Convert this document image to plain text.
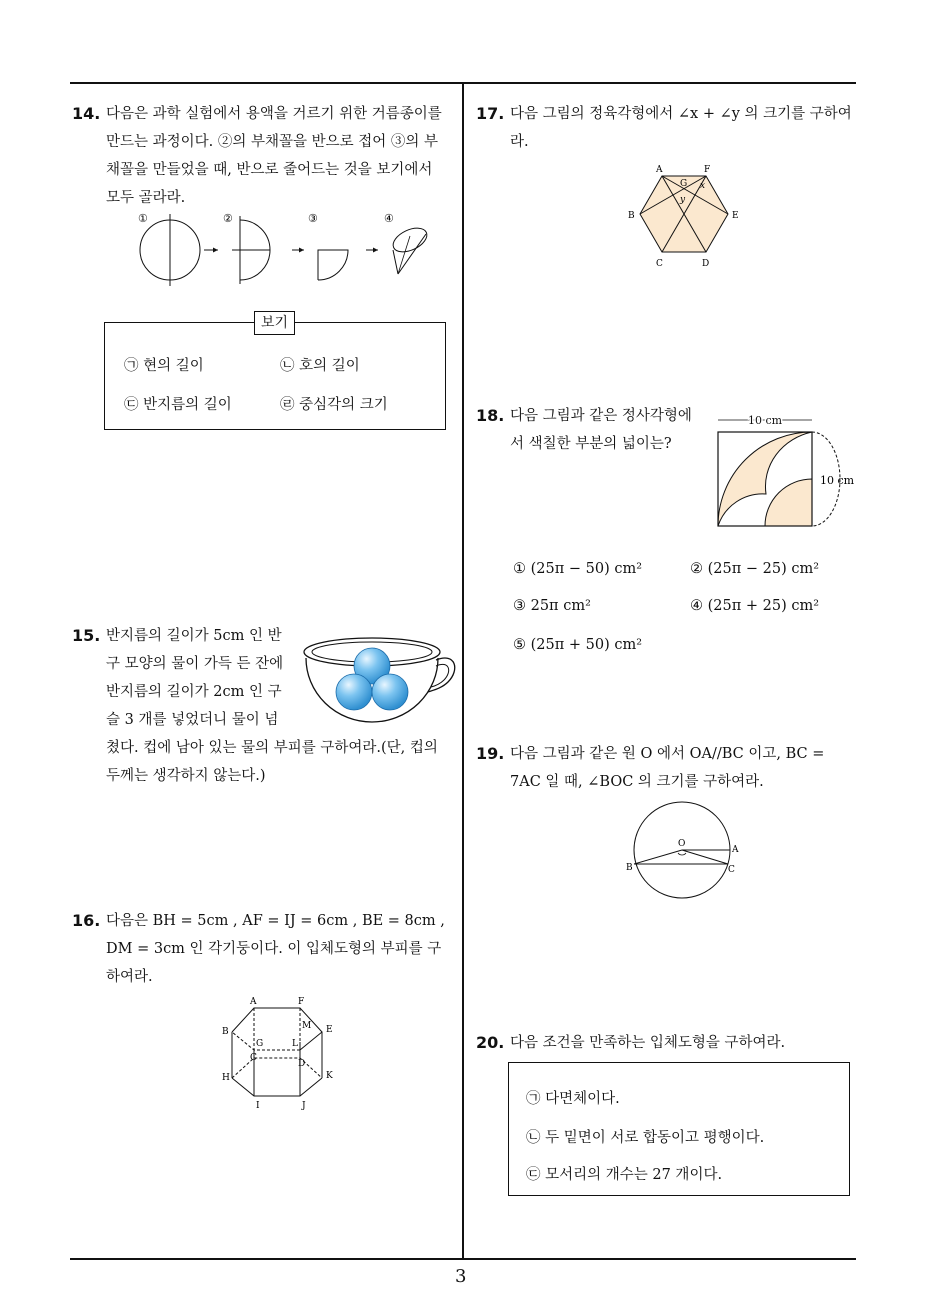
14. 다음은 과학 실험에서 용액을 거르기 위한 거름종이를
만드는 과정이다. ②의 부채꼴을 반으로 접어 ③의 부
채꼴을 만들었을 때, 반으로 줄어드는 것을 보기에서
모두 골라라.
①	②	③	④
보기
㉠ 현의 길이	㉡ 호의 길이
㉢ 반지름의 길이	㉣ 중심각의 크기
15. 반지름의 길이가 5cm 인 반
구 모양의 물이 가득 든 잔에
반지름의 길이가 2cm 인 구
슬 3 개를 넣었더니 물이 넘
쳤다. 컵에 남아 있는 물의 부피를 구하여라.(단, 컵의
두께는 생각하지 않는다.)
16. 다음은 BH = 5cm , AF = IJ = 6cm , BE = 8cm ,
DM = 3cm 인 각기둥이다. 이 입체도형의 부피를 구
하여라.
A	F
B
M E
G	L
C
D
H	K
I	J
17. 다음 그림의 정육각형에서 ∠x + ∠y 의 크기를 구하여
라.
A	F
G x
y
B	E
C	D
18. 다음 그림과 같은 정사각형에
서 색칠한 부분의 넓이는?
10 cm
10 cm
① (25π − 50) cm²	② (25π − 25) cm²
③ 25π cm²	④ (25π + 25) cm²
⑤ (25π + 50) cm²
19. 다음 그림과 같은 원 O 에서 OA//BC 이고, BC =
7AC 일 때, ∠BOC 의 크기를 구하여라.
O
A
B	C
20. 다음 조건을 만족하는 입체도형을 구하여라.
㉠ 다면체이다.
㉡ 두 밑면이 서로 합동이고 평행이다.
㉢ 모서리의 개수는 27 개이다.
3
